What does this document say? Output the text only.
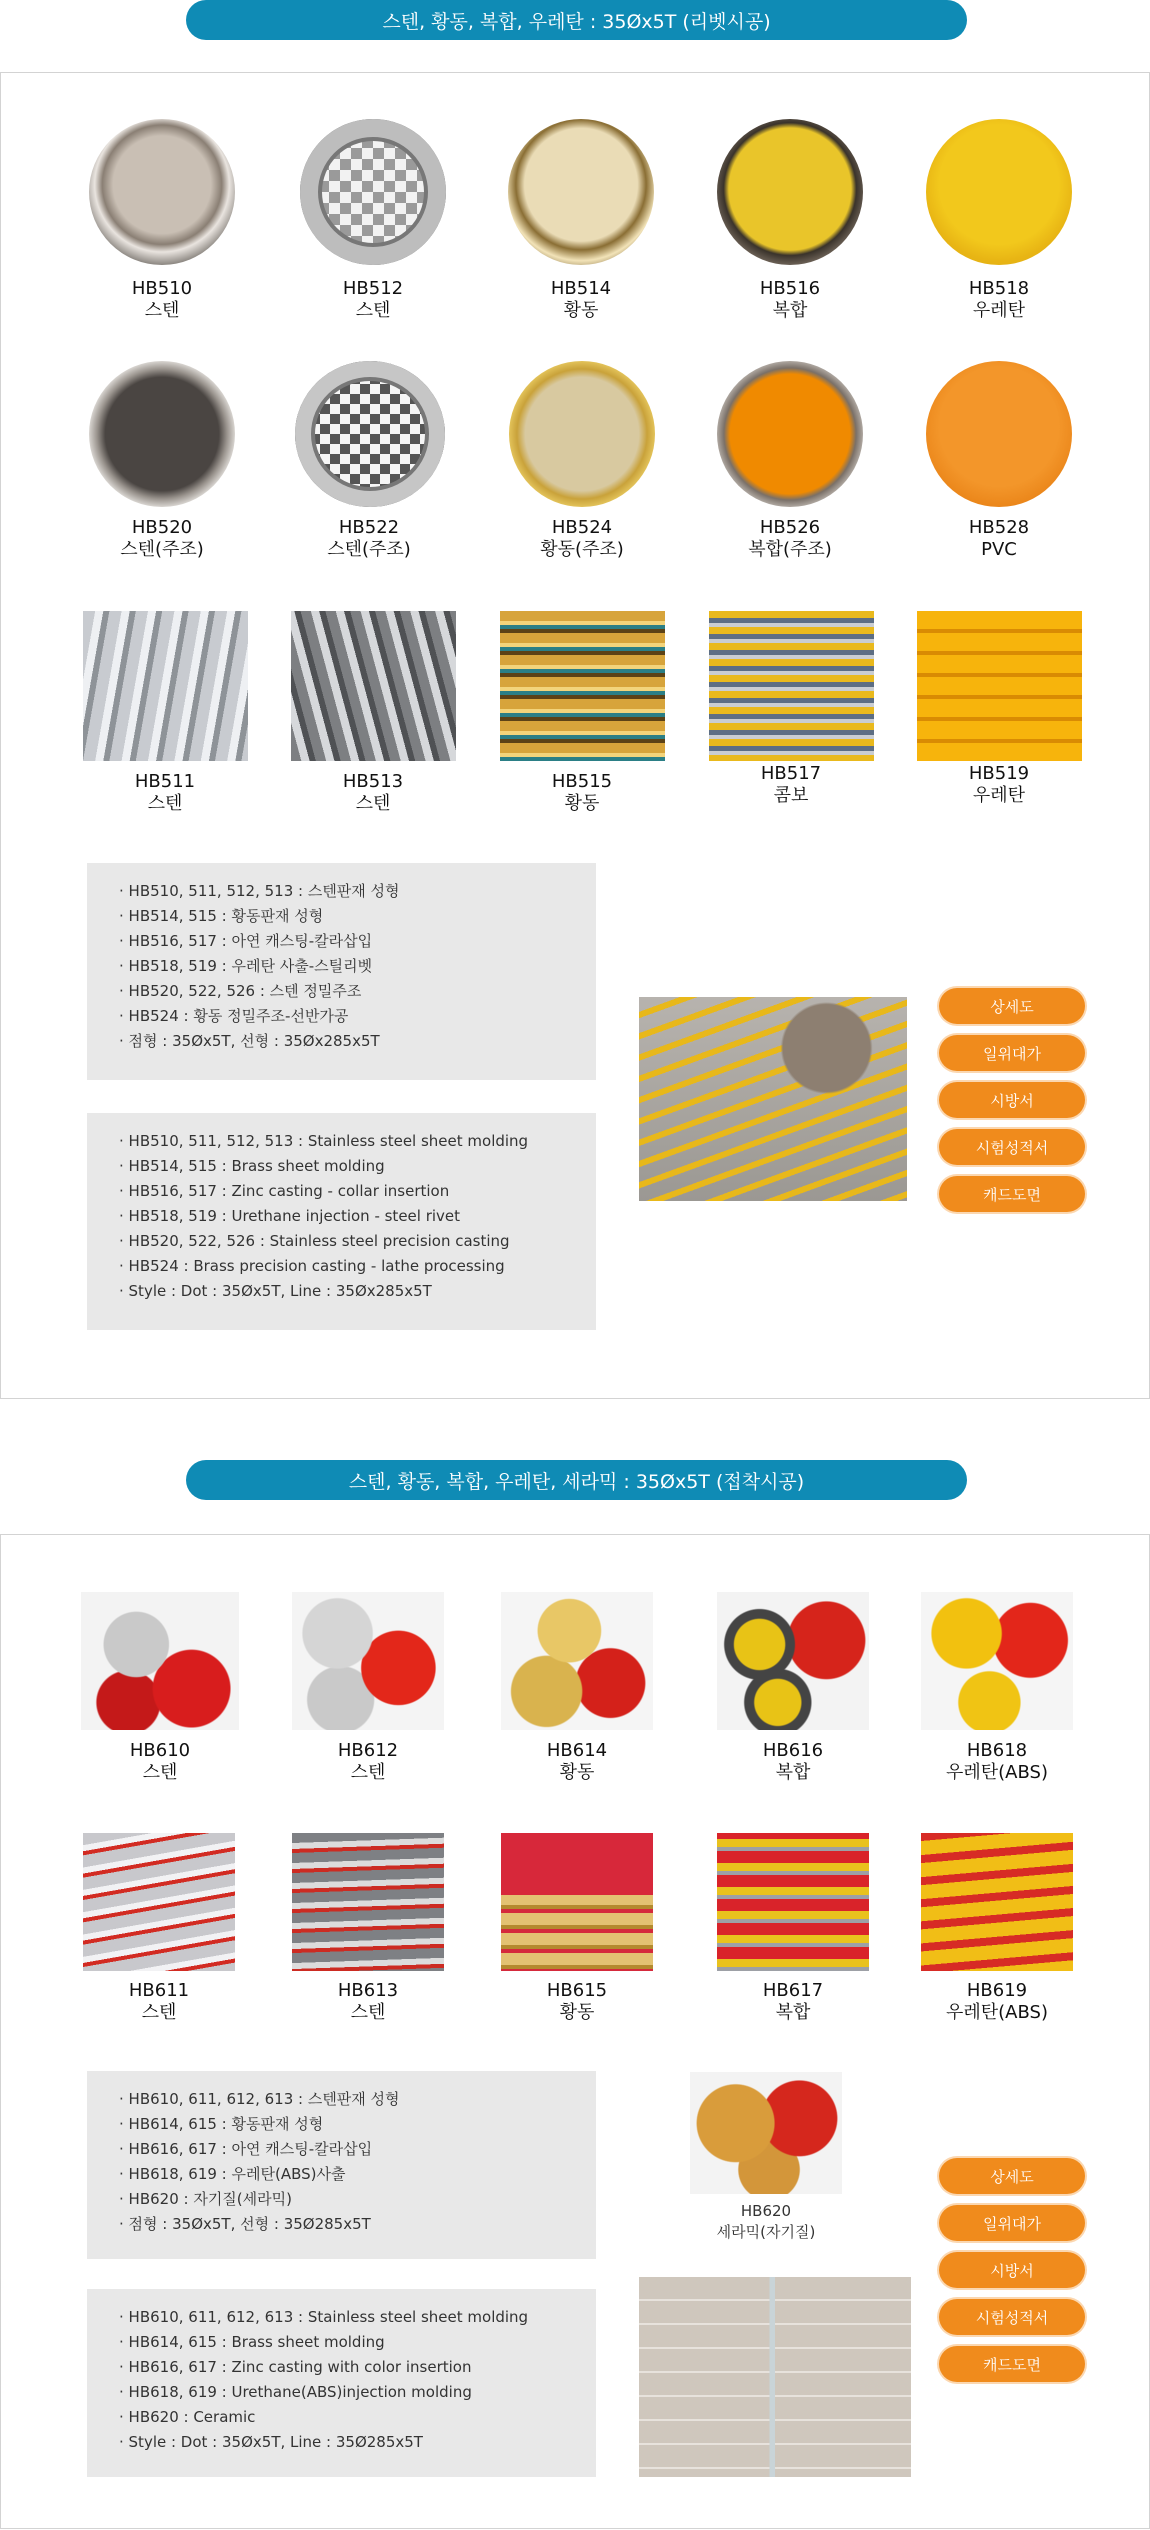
스텐, 황동, 복합, 우레탄 : 35Øx5T (리벳시공)
HB510
스텐
HB512
스텐
HB514
황동
HB516
복합
HB518
우레탄
HB520
스텐(주조)
HB522
스텐(주조)
HB524
황동(주조)
HB526
복합(주조)
HB528
PVC
HB511
스텐
HB513
스텐
HB515
황동
HB517
콤보
HB519
우레탄
· HB510, 511, 512, 513 : 스텐판재 성형
· HB514, 515 : 황동판재 성형
· HB516, 517 : 아연 캐스팅-칼라삽입
· HB518, 519 : 우레탄 사출-스틸리벳
· HB520, 522, 526 : 스텐 정밀주조
· HB524 : 황동 정밀주조-선반가공
· 점형 : 35Øx5T, 선형 : 35Øx285x5T
· HB510, 511, 512, 513 : Stainless steel sheet molding
· HB514, 515 : Brass sheet molding
· HB516, 517 : Zinc casting - collar insertion
· HB518, 519 : Urethane injection - steel rivet
· HB520, 522, 526 : Stainless steel precision casting
· HB524 : Brass precision casting - lathe processing
· Style : Dot : 35Øx5T, Line : 35Øx285x5T
상세도
일위대가
시방서
시험성적서
캐드도면
스텐, 황동, 복합, 우레탄, 세라믹 : 35Øx5T (접착시공)
HB610
스텐
HB612
스텐
HB614
황동
HB616
복합
HB618
우레탄(ABS)
HB611
스텐
HB613
스텐
HB615
황동
HB617
복합
HB619
우레탄(ABS)
· HB610, 611, 612, 613 : 스텐판재 성형
· HB614, 615 : 황동판재 성형
· HB616, 617 : 아연 캐스팅-칼라삽입
· HB618, 619 : 우레탄(ABS)사출
· HB620 : 자기질(세라믹)
· 점형 : 35Øx5T, 선형 : 35Ø285x5T
· HB610, 611, 612, 613 : Stainless steel sheet molding
· HB614, 615 : Brass sheet molding
· HB616, 617 : Zinc casting with color insertion
· HB618, 619 : Urethane(ABS)injection molding
· HB620 : Ceramic
· Style : Dot : 35Øx5T, Line : 35Ø285x5T
HB620
세라믹(자기질)
상세도
일위대가
시방서
시험성적서
캐드도면
